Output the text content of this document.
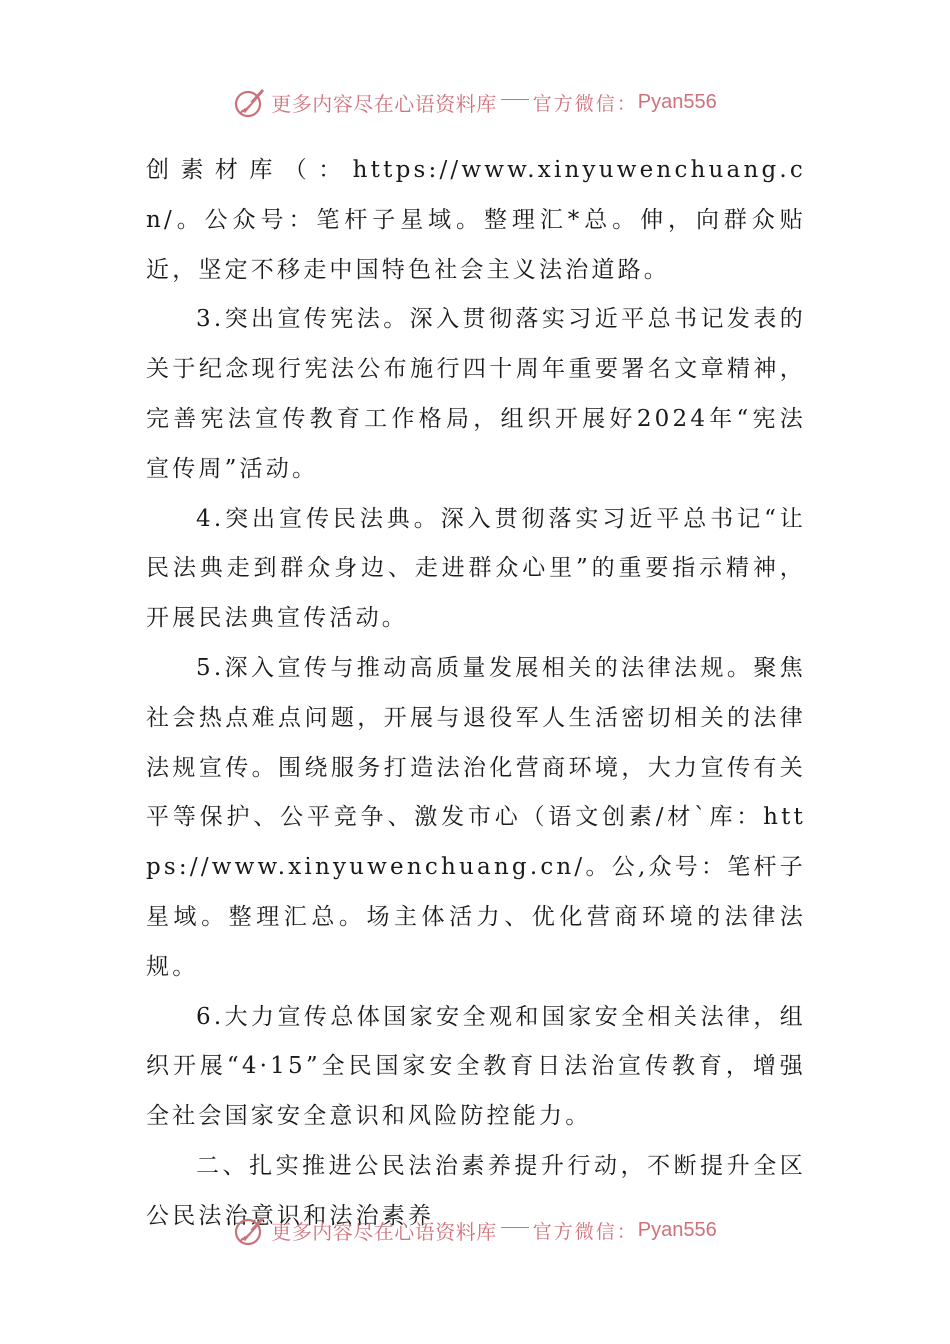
更多内容尽在心语资料库 官方微信： Pyan556

创素材库（：https://www.xinyuwenchuang.cn/。公众号：笔杆子星域。整理汇*总。伸，向群众贴近，坚定不移走中国特色社会主义法治道路。

3.突出宣传宪法。深入贯彻落实习近平总书记发表的关于纪念现行宪法公布施行四十周年重要署名文章精神，完善宪法宣传教育工作格局，组织开展好2024年“宪法宣传周”活动。

4.突出宣传民法典。深入贯彻落实习近平总书记“让民法典走到群众身边、走进群众心里”的重要指示精神，开展民法典宣传活动。

5.深入宣传与推动高质量发展相关的法律法规。聚焦社会热点难点问题，开展与退役军人生活密切相关的法律法规宣传。围绕服务打造法治化营商环境，大力宣传有关平等保护、公平竞争、激发市心（语文创素/材`库：https://www.xinyuwenchuang.cn/。公,众号：笔杆子星域。整理汇总。场主体活力、优化营商环境的法律法规。

6.大力宣传总体国家安全观和国家安全相关法律，组织开展“4·15”全民国家安全教育日法治宣传教育，增强全社会国家安全意识和风险防控能力。

二、扎实推进公民法治素养提升行动，不断提升全区公民法治意识和法治素养

更多内容尽在心语资料库 官方微信： Pyan556
